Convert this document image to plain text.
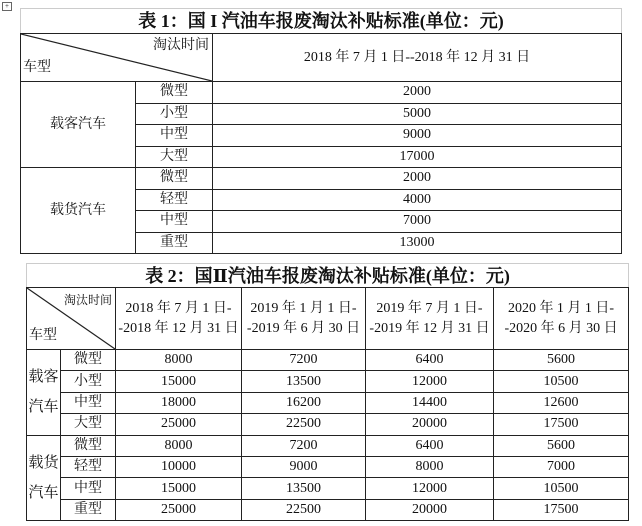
+
表 1：国 I 汽油车报废淘汰补贴标准(单位：元)		

淘汰时间
车型		2018 年 7 月 1 日--2018 年 12 月 31 日
载客汽车	微型	2000
	小型	5000
	中型	9000
	大型	17000
载货汽车	微型	2000
	轻型	4000
	中型	7000
	重型	13000
表 2：国Ⅱ汽油车报废淘汰补贴标准(单位：元)					

淘汰时间
车型		2018 年 7 月 1 日--2018 年 12 月 31 日	2019 年 1 月 1 日--2019 年 6 月 30 日	2019 年 7 月 1 日--2019 年 12 月 31 日	2020 年 1 月 1 日--2020 年 6 月 30 日
载客汽车	微型	8000	7200	6400	5600
	小型	15000	13500	12000	10500
	中型	18000	16200	14400	12600
	大型	25000	22500	20000	17500
载货汽车	微型	8000	7200	6400	5600
	轻型	10000	9000	8000	7000
	中型	15000	13500	12000	10500
	重型	25000	22500	20000	17500
